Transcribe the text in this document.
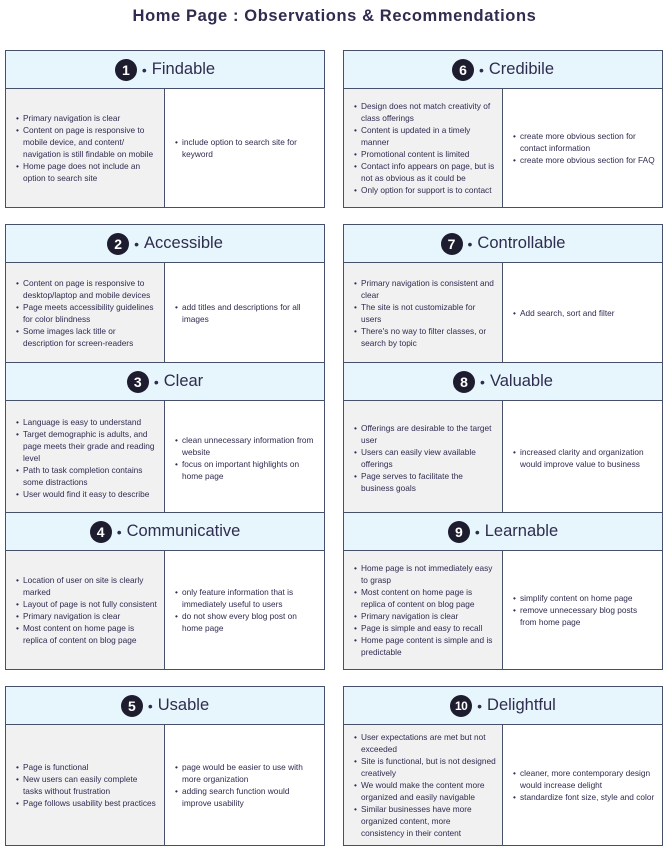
Home Page : Observations & Recommendations
1 • Findable
• Primary navigation is clear
• Content on page is responsive to mobile device, and content/ navigation is still findable on mobile
• Home page does not include an option to search site
• include option to search site for keyword
6 • Credibile
• Design does not match creativity of class offerings
• Content is updated in a timely manner
• Promotional content is limited
• Contact info appears on page, but is not as obvious as it could be
• Only option for support is to contact
• create more obvious section for contact information
• create more obvious section for FAQ
2 • Accessible
• Content on page is responsive to desktop/laptop and mobile devices
• Page meets accessibility guidelines for color blindness
• Some images lack title or description for screen-readers
• add titles and descriptions for all images
7 • Controllable
• Primary navigation is consistent and clear
• The site is not customizable for users
• There's no way to filter classes, or search by topic
• Add search, sort and filter
3 • Clear
• Language is easy to understand
• Target demographic is adults, and page meets their grade and reading level
• Path to task completion contains some distractions
• User would find it easy to describe
• clean unnecessary information from website
• focus on important highlights on home page
8 • Valuable
• Offerings are desirable to the target user
• Users can easily view available offerings
• Page serves to facilitate the business goals
• increased clarity and organization would improve value to business
4 • Communicative
• Location of user on site is clearly marked
• Layout of page is not fully consistent
• Primary navigation is clear
• Most content on home page is replica of content on blog page
• only feature information that is immediately useful to users
• do not show every blog post on home page
9 • Learnable
• Home page is not immediately easy to grasp
• Most content on home page is replica of content on blog page
• Primary navigation is clear
• Page is simple and easy to recall
• Home page content is simple and is predictable
• simplify content on home page
• remove unnecessary blog posts from home page
5 • Usable
• Page is functional
• New users can easily complete tasks without frustration
• Page follows usability best practices
• page would be easier to use with more organization
• adding search function would improve usability
10 • Delightful
• User expectations are met but not exceeded
• Site is functional, but is not designed creatively
• We would make the content more organized and easily navigable
• Similar businesses have more organized content, more consistency in their content
• cleaner, more contemporary design would increase delight
• standardize font size, style and color
